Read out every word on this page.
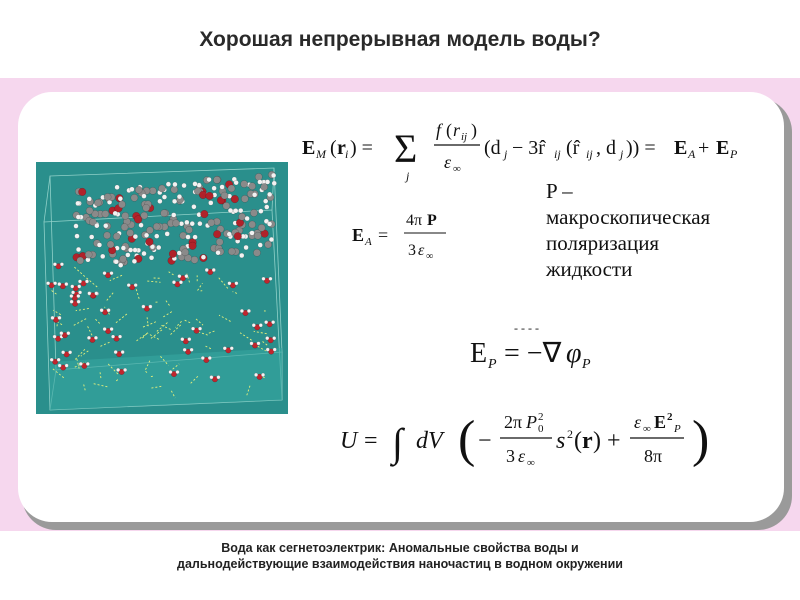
Хорошая непрерывная модель воды?
E M ( r i ) = Σ
j
f ( r ij )
ε ∞
(d j − 3r̂ ij (r̂ ij , d j )) = E A + E P
E A =
4π P
3 ε ∞
P –
макроскопическая
поляризация
жидкости
- - - -
E P = −∇ φ P
U = ∫ dV ( −
2π P 2
0
3 ε ∞
s 2 ( r ) +
ε ∞ E 2
P
8π )
Вода как сегнетоэлектрик: Аномальные свойства воды и дальнодействующие взаимодействия наночастиц в водном окружении
